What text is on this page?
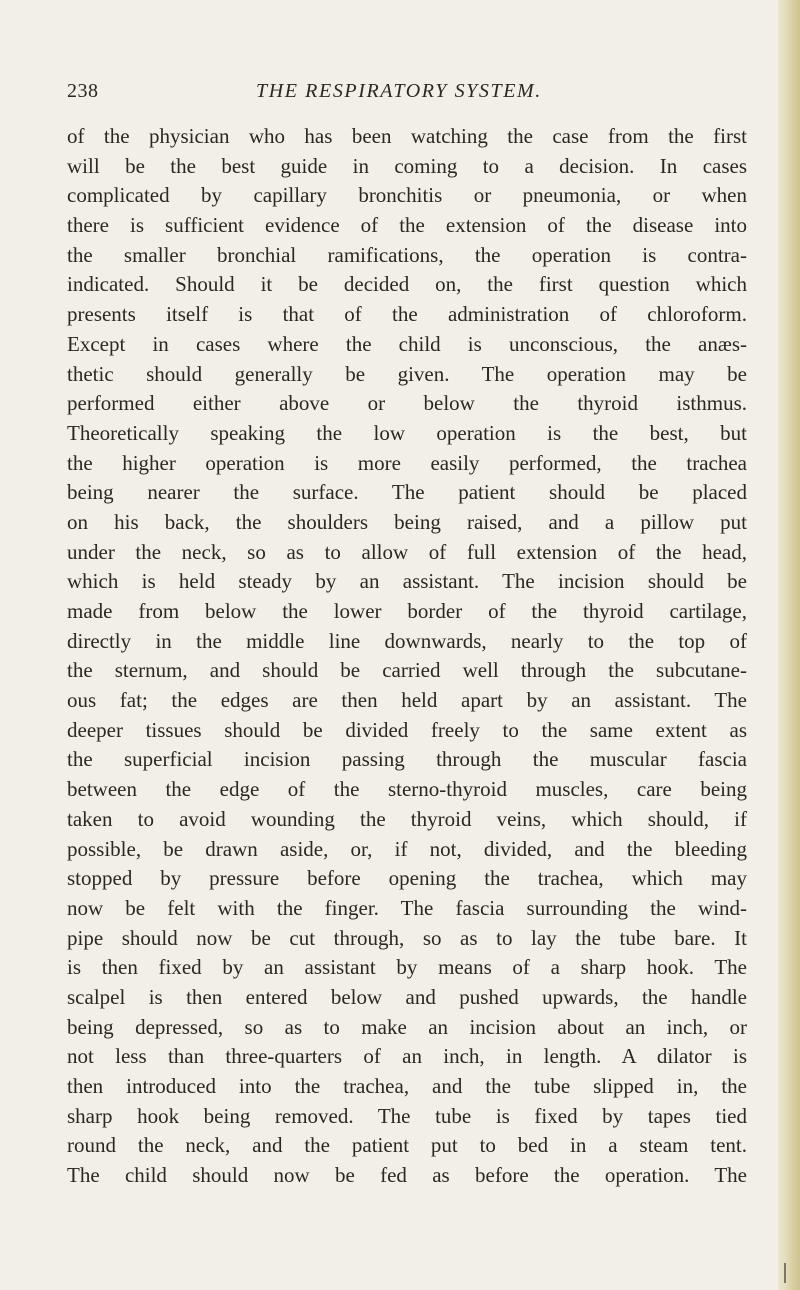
238	THE RESPIRATORY SYSTEM.
of the physician who has been watching the case from the first
will be the best guide in coming to a decision. In cases
complicated by capillary bronchitis or pneumonia, or when
there is sufficient evidence of the extension of the disease into
the smaller bronchial ramifications, the operation is contra-
indicated. Should it be decided on, the first question which
presents itself is that of the administration of chloroform.
Except in cases where the child is unconscious, the anæs-
thetic should generally be given. The operation may be
performed either above or below the thyroid isthmus.
Theoretically speaking the low operation is the best, but
the higher operation is more easily performed, the trachea
being nearer the surface. The patient should be placed
on his back, the shoulders being raised, and a pillow put
under the neck, so as to allow of full extension of the head,
which is held steady by an assistant. The incision should be
made from below the lower border of the thyroid cartilage,
directly in the middle line downwards, nearly to the top of
the sternum, and should be carried well through the subcutane-
ous fat; the edges are then held apart by an assistant. The
deeper tissues should be divided freely to the same extent as
the superficial incision passing through the muscular fascia
between the edge of the sterno-thyroid muscles, care being
taken to avoid wounding the thyroid veins, which should, if
possible, be drawn aside, or, if not, divided, and the bleeding
stopped by pressure before opening the trachea, which may
now be felt with the finger. The fascia surrounding the wind-
pipe should now be cut through, so as to lay the tube bare. It
is then fixed by an assistant by means of a sharp hook. The
scalpel is then entered below and pushed upwards, the handle
being depressed, so as to make an incision about an inch, or
not less than three-quarters of an inch, in length. A dilator is
then introduced into the trachea, and the tube slipped in, the
sharp hook being removed. The tube is fixed by tapes tied
round the neck, and the patient put to bed in a steam tent.
The child should now be fed as before the operation. The
